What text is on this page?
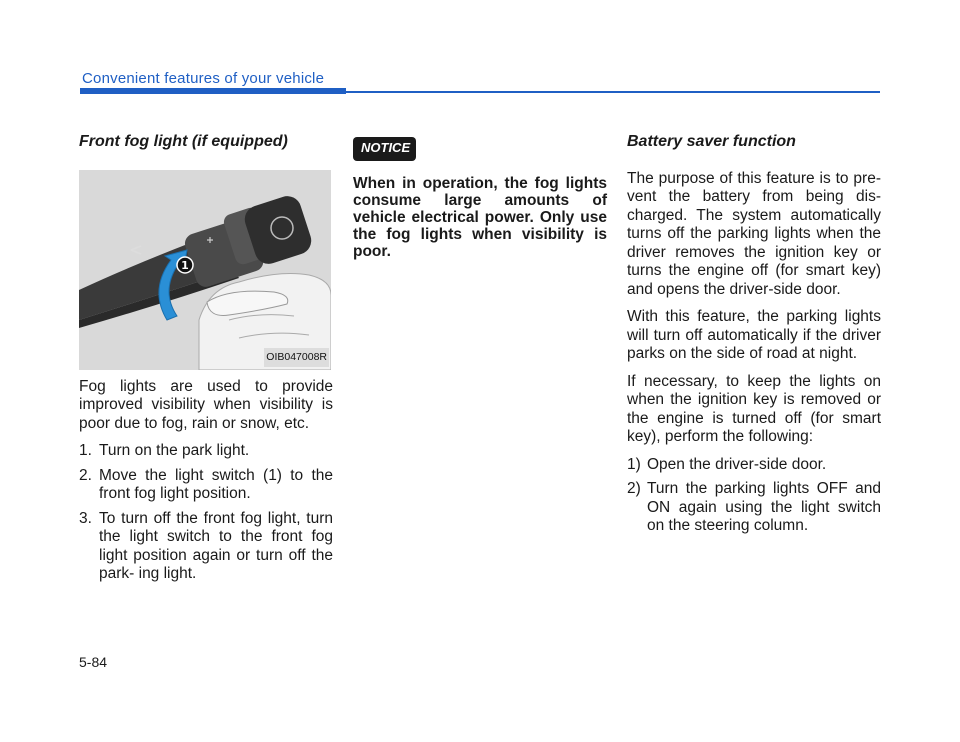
Convenient features of your vehicle
Front fog light (if equipped)
1
OIB047008R

Fog lights are used to provide improved visibility when visibility is poor due to fog, rain or snow, etc.

1. Turn on the park light.
2. Move the light switch (1) to the front fog light position.
3. To turn off the front fog light, turn the light switch to the front fog light position again or turn off the park- ing light.
NOTICE

When in operation, the fog lights consume large amounts of vehicle electrical power. Only use the fog lights when visibility is poor.

Battery saver function

The purpose of this feature is to pre- vent the battery from being dis- charged. The system automatically turns off the parking lights when the driver removes the ignition key or turns the engine off (for smart key) and opens the driver-side door.

With this feature, the parking lights will turn off automatically if the driver parks on the side of road at night.

If necessary, to keep the lights on when the ignition key is removed or the engine is turned off (for smart key), perform the following:

1) Open the driver-side door.
2) Turn the parking lights OFF and ON again using the light switch on the steering column.
5-84
